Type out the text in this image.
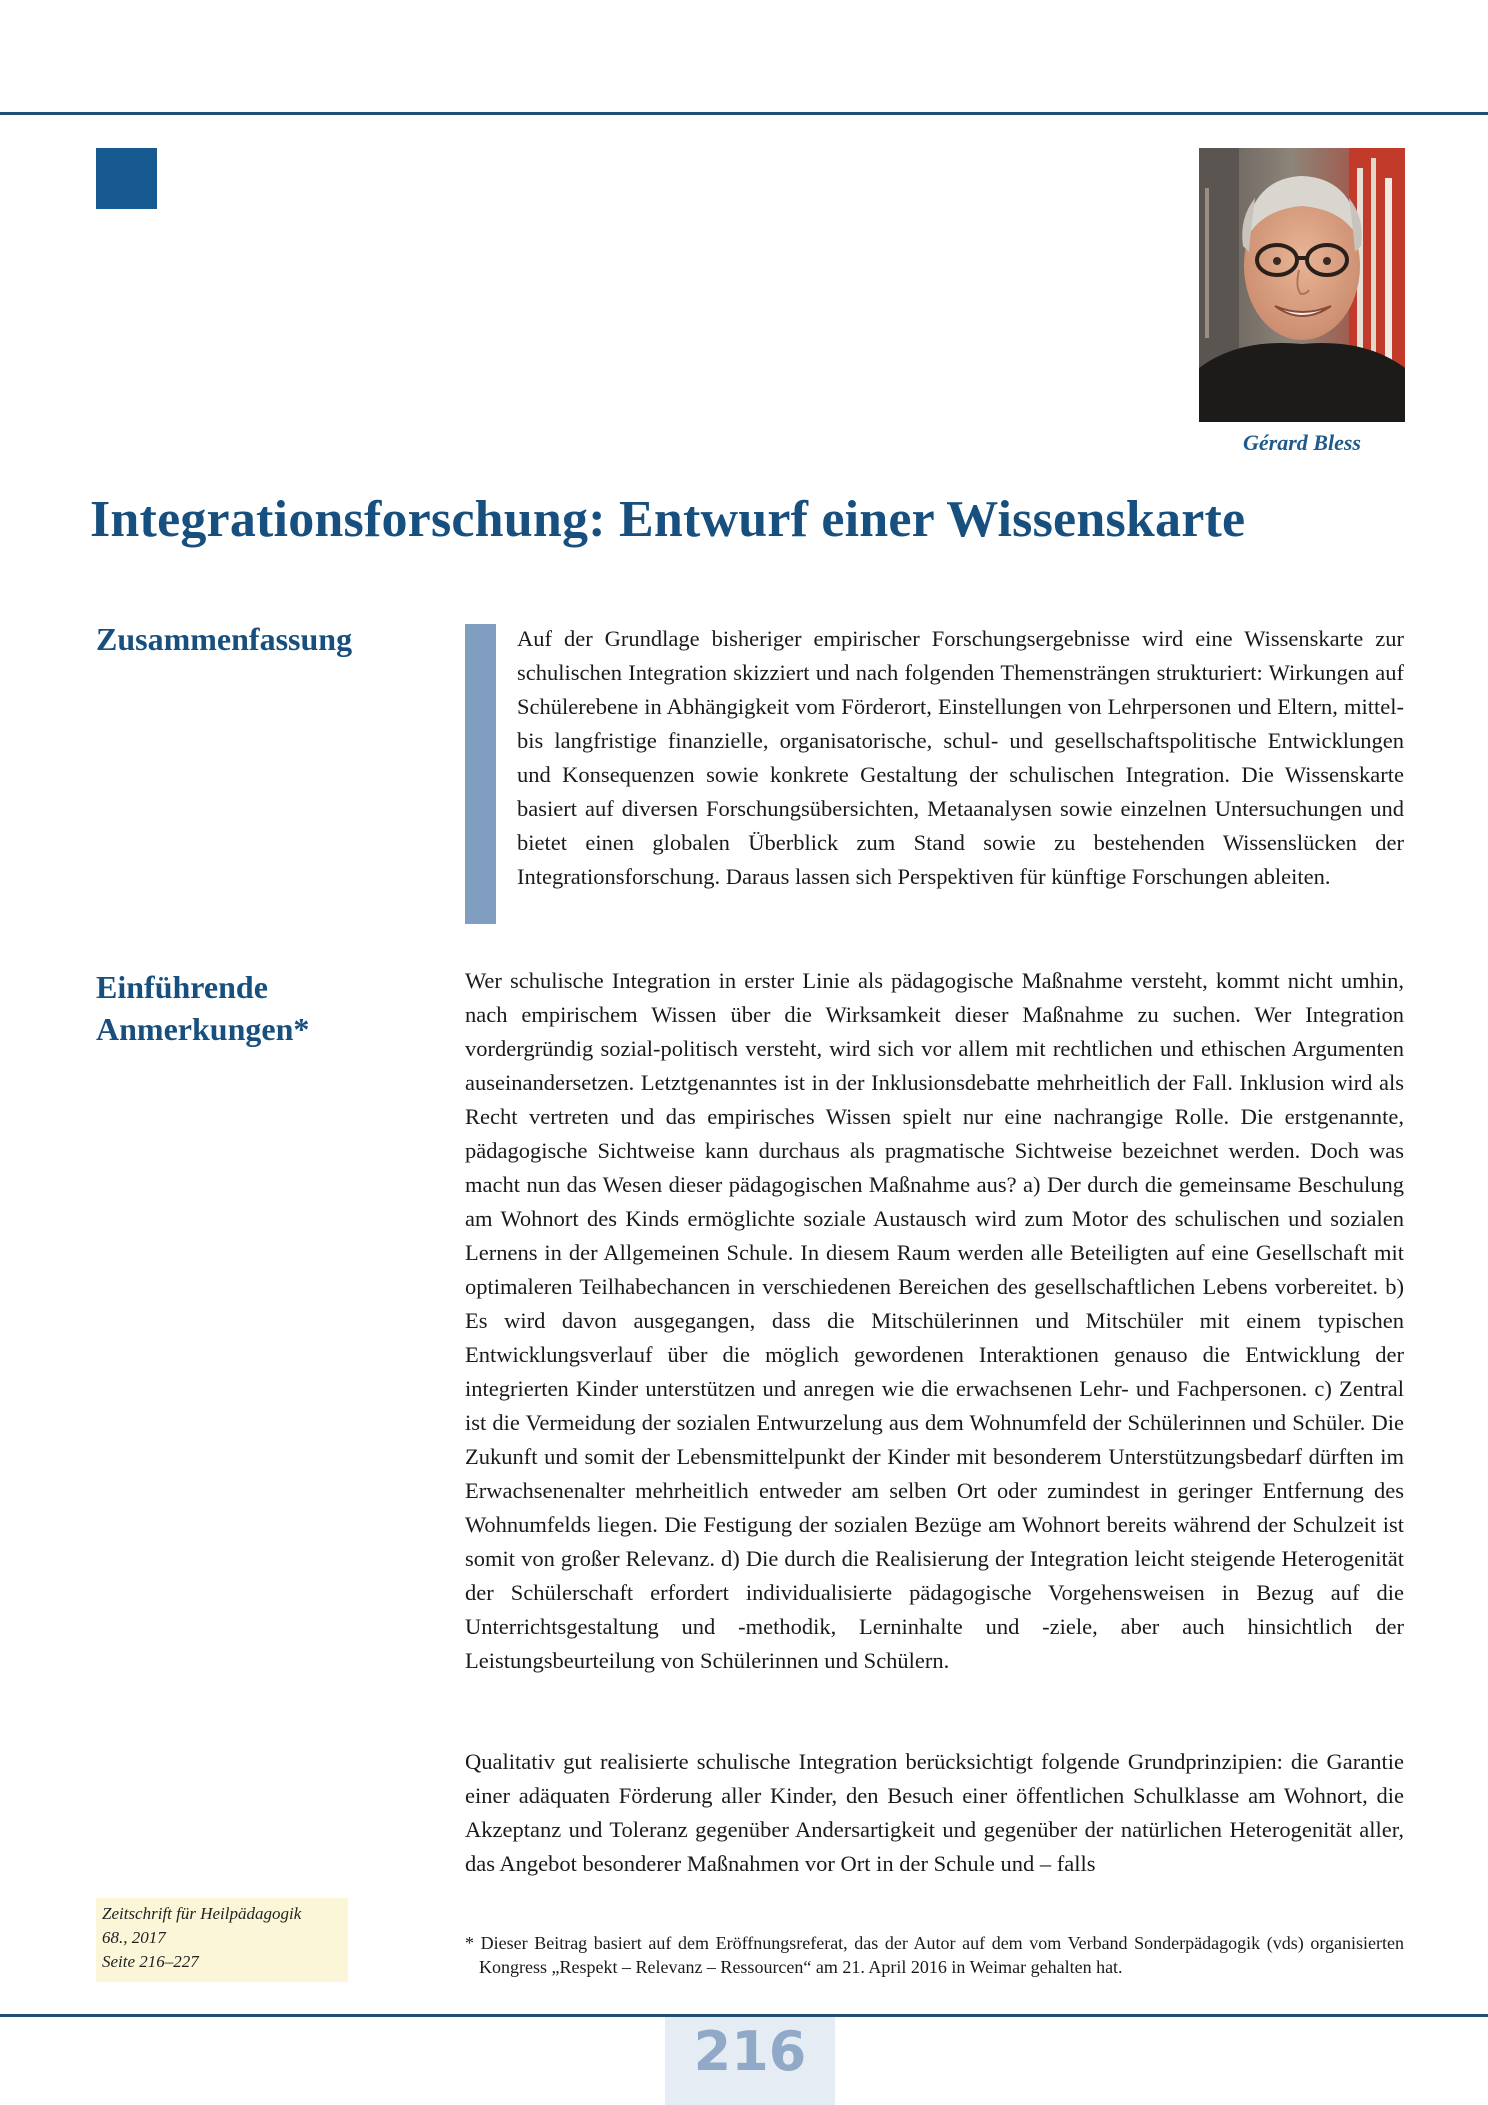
Gérard Bless
Integrationsforschung: Entwurf einer Wissenskarte
Zusammenfassung	Auf der Grundlage bisheriger empirischer Forschungsergebnisse wird eine Wissenskarte zur schulischen Integration skizziert und nach folgenden Themensträngen strukturiert: Wirkungen auf Schülerebene in Abhängigkeit vom Förderort, Einstellungen von Lehrpersonen und Eltern, mittel- bis langfristige finanzielle, organisatorische, schul- und gesellschaftspolitische Entwicklungen und Konsequenzen sowie konkrete Gestaltung der schulischen Integration. Die Wissenskarte basiert auf diversen Forschungsübersichten, Metaanalysen sowie einzelnen Untersuchungen und bietet einen globalen Überblick zum Stand sowie zu bestehenden Wissenslücken der Integrationsforschung. Daraus lassen sich Perspektiven für künftige Forschungen ableiten.

Einführende
Anmerkungen*

Wer schulische Integration in erster Linie als pädagogische Maßnahme versteht, kommt nicht umhin, nach empirischem Wissen über die Wirksamkeit dieser Maßnahme zu suchen. Wer Integration vordergründig sozial-politisch versteht, wird sich vor allem mit rechtlichen und ethischen Argumenten auseinandersetzen. Letztgenanntes ist in der Inklusionsdebatte mehrheitlich der Fall. Inklusion wird als Recht vertreten und das empirisches Wissen spielt nur eine nachrangige Rolle. Die erstgenannte, pädagogische Sichtweise kann durchaus als pragmatische Sichtweise bezeichnet werden. Doch was macht nun das Wesen dieser pädagogischen Maßnahme aus? a) Der durch die gemeinsame Beschulung am Wohnort des Kinds ermöglichte soziale Austausch wird zum Motor des schulischen und sozialen Lernens in der Allgemeinen Schule. In diesem Raum werden alle Beteiligten auf eine Gesellschaft mit optimaleren Teilhabechancen in verschiedenen Bereichen des gesellschaftlichen Lebens vorbereitet. b) Es wird davon ausgegangen, dass die Mitschülerinnen und Mitschüler mit einem typischen Entwicklungsverlauf über die möglich gewordenen Interaktionen genauso die Entwicklung der integrierten Kinder unterstützen und anregen wie die erwachsenen Lehr- und Fachpersonen. c) Zentral ist die Vermeidung der sozialen Entwurzelung aus dem Wohnumfeld der Schülerinnen und Schüler. Die Zukunft und somit der Lebensmittelpunkt der Kinder mit besonderem Unterstützungsbedarf dürften im Erwachsenenalter mehrheitlich entweder am selben Ort oder zumindest in geringer Entfernung des Wohnumfelds liegen. Die Festigung der sozialen Bezüge am Wohnort bereits während der Schulzeit ist somit von großer Relevanz. d) Die durch die Realisierung der Integration leicht steigende Heterogenität der Schülerschaft erfordert individualisierte pädagogische Vorgehensweisen in Bezug auf die Unterrichtsgestaltung und -methodik, Lerninhalte und -ziele, aber auch hinsichtlich der Leistungsbeurteilung von Schülerinnen und Schülern.

Qualitativ gut realisierte schulische Integration berücksichtigt folgende Grundprinzipien: die Garantie einer adäquaten Förderung aller Kinder, den Besuch einer öffentlichen Schulklasse am Wohnort, die Akzeptanz und Toleranz gegenüber Andersartigkeit und gegenüber der natürlichen Heterogenität aller, das Angebot besonderer Maßnahmen vor Ort in der Schule und – falls

Zeitschrift für Heilpädagogik
68., 2017
Seite 216–227

* Dieser Beitrag basiert auf dem Eröffnungsreferat, das der Autor auf dem vom Verband Sonderpädagogik (vds) organisierten Kongress „Respekt – Relevanz – Ressourcen“ am 21. April 2016 in Weimar gehalten hat.

216
